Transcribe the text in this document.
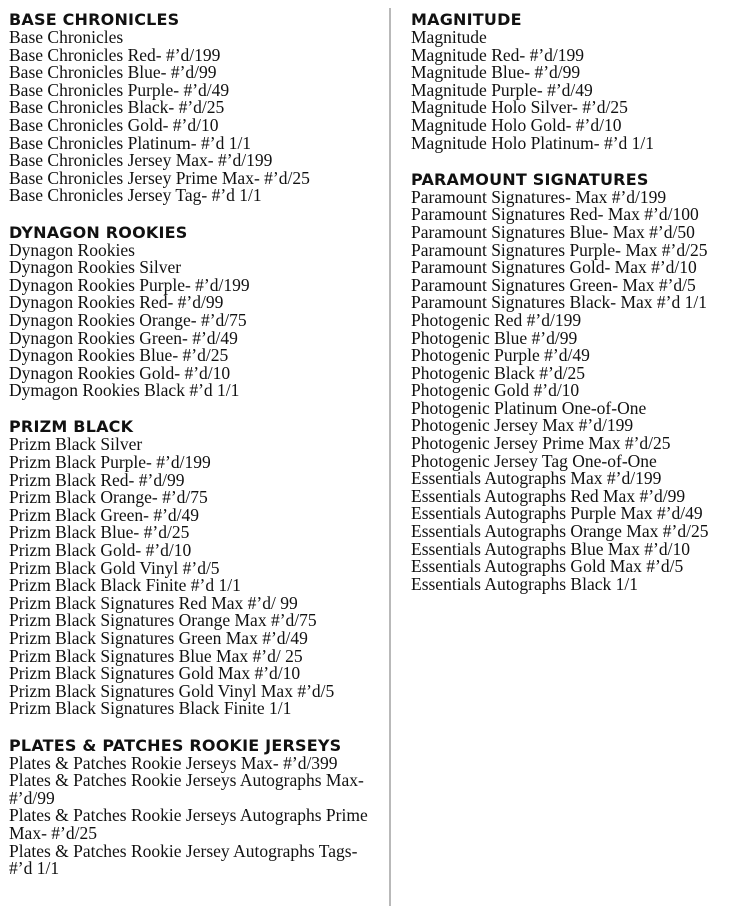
BASE CHRONICLES
Base Chronicles
Base Chronicles Red- #’d/199
Base Chronicles Blue- #’d/99
Base Chronicles Purple- #’d/49
Base Chronicles Black- #’d/25
Base Chronicles Gold- #’d/10
Base Chronicles Platinum- #’d 1/1
Base Chronicles Jersey Max- #’d/199
Base Chronicles Jersey Prime Max- #’d/25
Base Chronicles Jersey Tag- #’d 1/1
DYNAGON ROOKIES
Dynagon Rookies
Dynagon Rookies Silver
Dynagon Rookies Purple- #’d/199
Dynagon Rookies Red- #’d/99
Dynagon Rookies Orange- #’d/75
Dynagon Rookies Green- #’d/49
Dynagon Rookies Blue- #’d/25
Dynagon Rookies Gold- #’d/10
Dymagon Rookies Black #’d 1/1
PRIZM BLACK
Prizm Black Silver
Prizm Black Purple- #’d/199
Prizm Black Red- #’d/99
Prizm Black Orange- #’d/75
Prizm Black Green- #’d/49
Prizm Black Blue- #’d/25
Prizm Black Gold- #’d/10
Prizm Black Gold Vinyl #’d/5
Prizm Black Black Finite #’d 1/1
Prizm Black Signatures Red Max #’d/ 99
Prizm Black Signatures Orange Max #’d/75
Prizm Black Signatures Green Max #’d/49
Prizm Black Signatures Blue Max #’d/ 25
Prizm Black Signatures Gold Max #’d/10
Prizm Black Signatures Gold Vinyl Max #’d/5
Prizm Black Signatures Black Finite 1/1
PLATES & PATCHES ROOKIE JERSEYS
Plates & Patches Rookie Jerseys Max- #’d/399
Plates & Patches Rookie Jerseys Autographs Max- #’d/99
Plates & Patches Rookie Jerseys Autographs Prime Max- #’d/25
Plates & Patches Rookie Jersey Autographs Tags- #’d 1/1
MAGNITUDE
Magnitude
Magnitude Red- #’d/199
Magnitude Blue- #’d/99
Magnitude Purple- #’d/49
Magnitude Holo Silver- #’d/25
Magnitude Holo Gold- #’d/10
Magnitude Holo Platinum- #’d 1/1
PARAMOUNT SIGNATURES
Paramount Signatures- Max #’d/199
Paramount Signatures Red- Max #’d/100
Paramount Signatures Blue- Max #’d/50
Paramount Signatures Purple- Max #’d/25
Paramount Signatures Gold- Max #’d/10
Paramount Signatures Green- Max #’d/5
Paramount Signatures Black- Max #’d 1/1
Photogenic Red #’d/199
Photogenic Blue #’d/99
Photogenic Purple #’d/49
Photogenic Black #’d/25
Photogenic Gold #’d/10
Photogenic Platinum One-of-One
Photogenic Jersey Max #’d/199
Photogenic Jersey Prime Max #’d/25
Photogenic Jersey Tag One-of-One
Essentials Autographs Max #’d/199
Essentials Autographs Red Max #’d/99
Essentials Autographs Purple Max #’d/49
Essentials Autographs Orange Max #’d/25
Essentials Autographs Blue Max #’d/10
Essentials Autographs Gold Max #’d/5
Essentials Autographs Black 1/1
